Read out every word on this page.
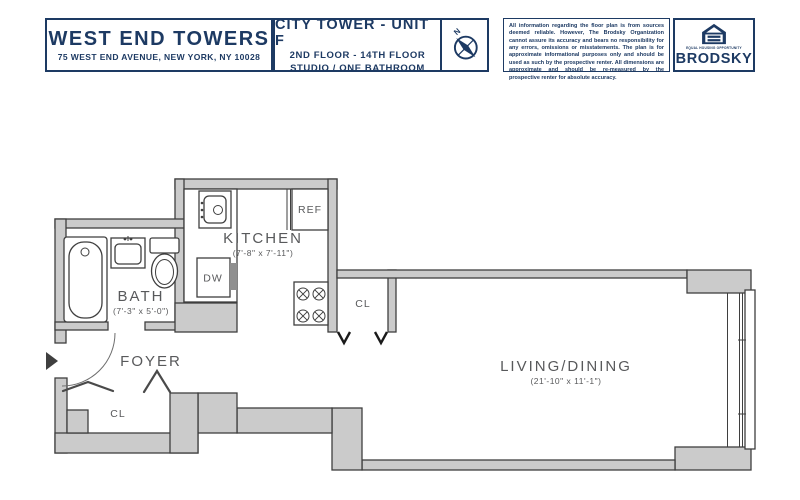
WEST END TOWERS
75 WEST END AVENUE, NEW YORK, NY 10028
CITY TOWER - UNIT F
2ND FLOOR - 14TH FLOOR
STUDIO / ONE BATHROOM
N
All information regarding the floor plan is from sources deemed reliable. However, The Brodsky Organization cannot assure its accuracy and bears no responsibility for any errors, omissions or misstatements. The plan is for approximate informational purposes only and should be used as such by the prospective renter. All dimensions are approximate and should be re-measured by the prospective renter for absolute accuracy.
EQUAL HOUSING OPPORTUNITY
BRODSKY
DW
REF
BATH
(7'-3" x 5'-0")
KITCHEN
(7'-8" x 7'-11")
FOYER	LIVING/DINING
(21'-10" x 11'-1")
CL
CL
